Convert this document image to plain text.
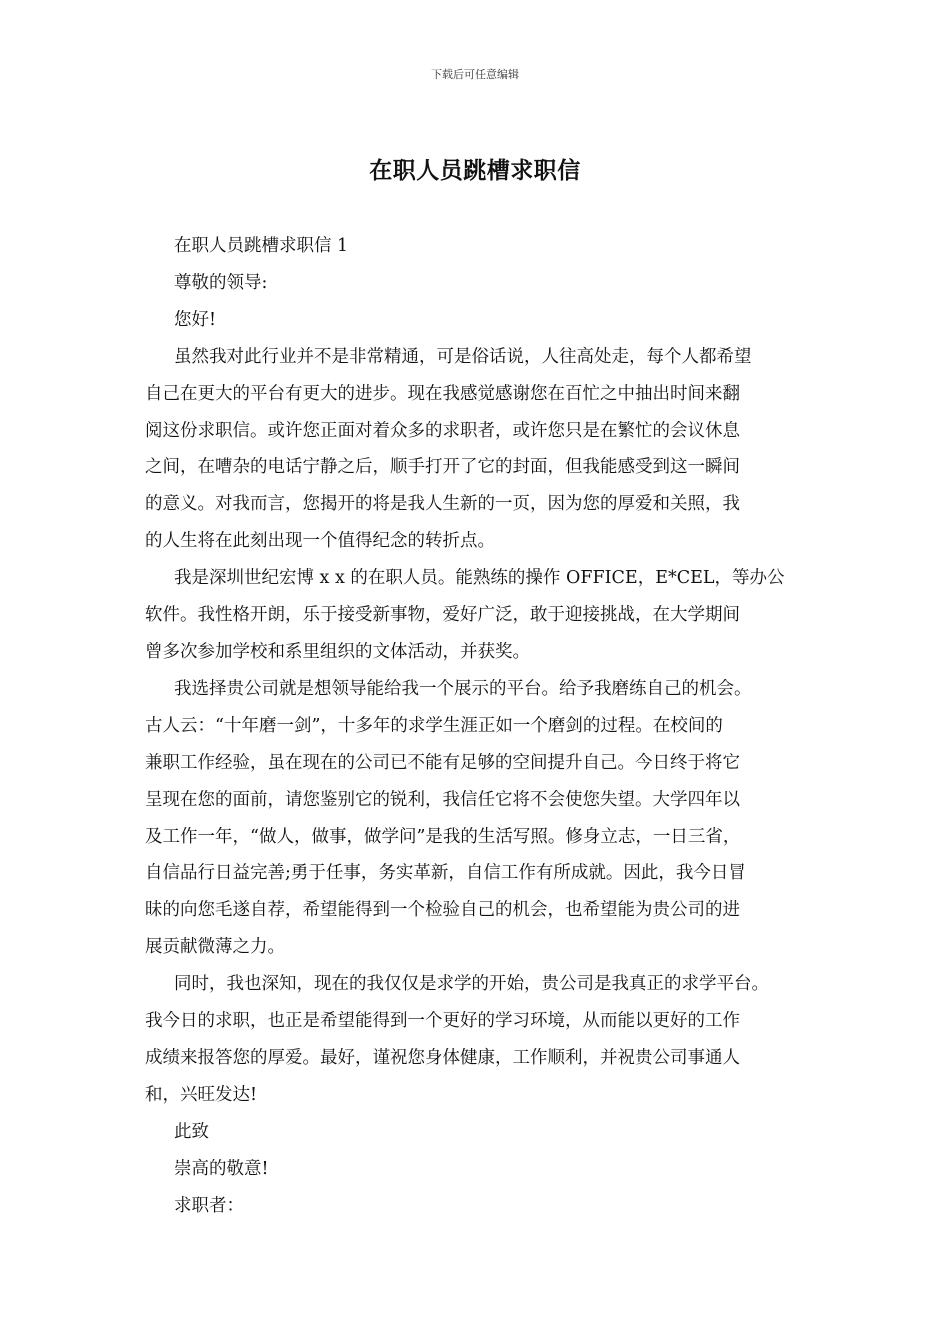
下载后可任意编辑
在职人员跳槽求职信
在职人员跳槽求职信 1
尊敬的领导:
您好!
虽然我对此行业并不是非常精通，可是俗话说，人往高处走，每个人都希望
自己在更大的平台有更大的进步。现在我感觉感谢您在百忙之中抽出时间来翻
阅这份求职信。或许您正面对着众多的求职者，或许您只是在繁忙的会议休息
之间，在嘈杂的电话宁静之后，顺手打开了它的封面，但我能感受到这一瞬间
的意义。对我而言，您揭开的将是我人生新的一页，因为您的厚爱和关照，我
的人生将在此刻出现一个值得纪念的转折点。
我是深圳世纪宏博 x x 的在职人员。能熟练的操作 OFFICE，E*CEL，等办公
软件。我性格开朗，乐于接受新事物，爱好广泛，敢于迎接挑战，在大学期间
曾多次参加学校和系里组织的文体活动，并获奖。
我选择贵公司就是想领导能给我一个展示的平台。给予我磨练自己的机会。
古人云：“十年磨一剑”，十多年的求学生涯正如一个磨剑的过程。在校间的
兼职工作经验，虽在现在的公司已不能有足够的空间提升自己。今日终于将它
呈现在您的面前，请您鉴别它的锐利，我信任它将不会使您失望。大学四年以
及工作一年，“做人，做事，做学问”是我的生活写照。修身立志，一日三省，
自信品行日益完善;勇于任事，务实革新，自信工作有所成就。因此，我今日冒
昧的向您毛遂自荐，希望能得到一个检验自己的机会，也希望能为贵公司的进
展贡献微薄之力。
同时，我也深知，现在的我仅仅是求学的开始，贵公司是我真正的求学平台。
我今日的求职，也正是希望能得到一个更好的学习环境，从而能以更好的工作
成绩来报答您的厚爱。最好，谨祝您身体健康，工作顺利，并祝贵公司事通人
和，兴旺发达!
此致
崇高的敬意!
求职者：
